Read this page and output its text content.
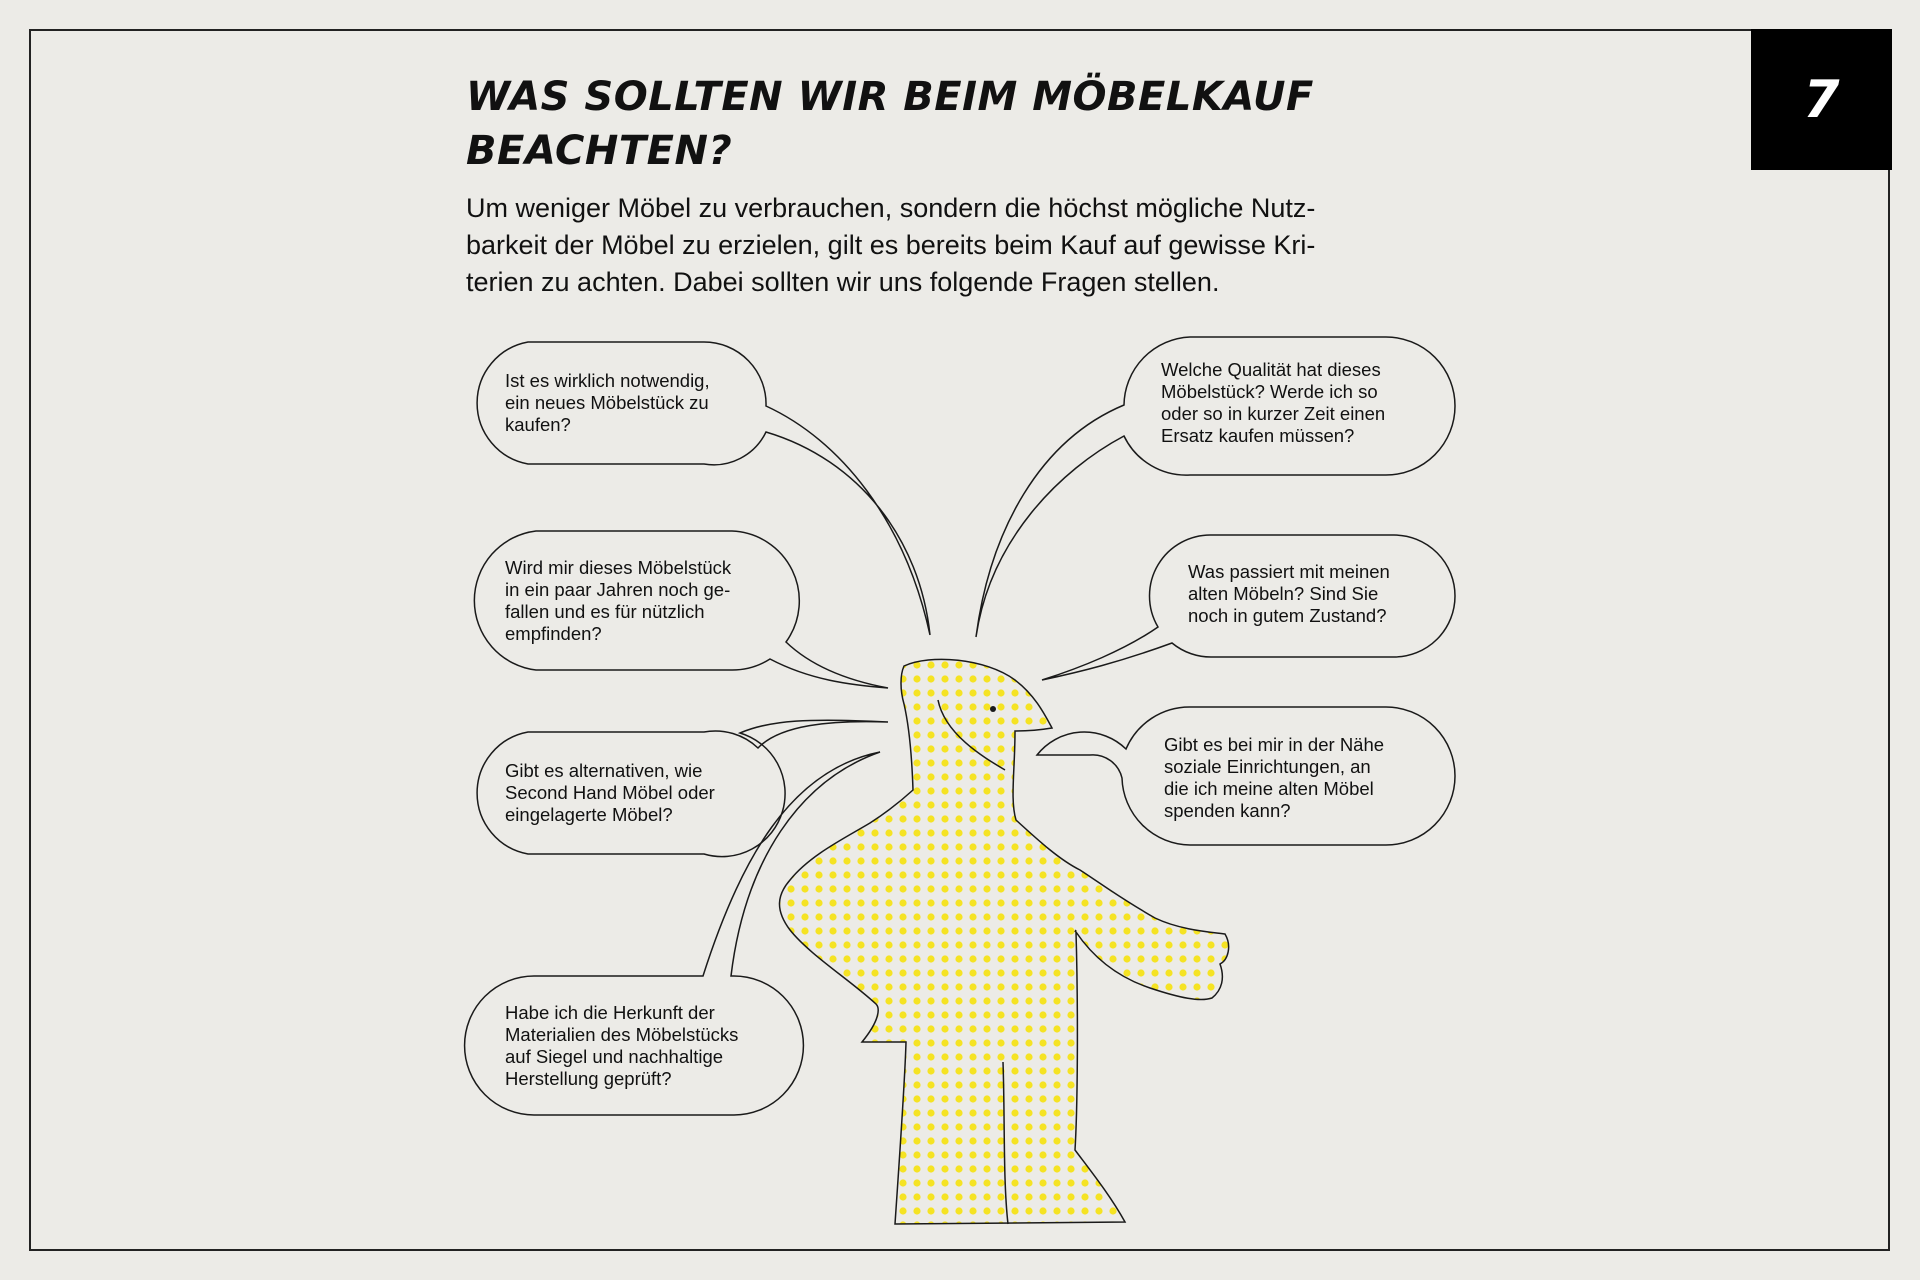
7
WAS SOLLTEN WIR BEIM MÖBELKAUF
BEACHTEN?

Um weniger Möbel zu verbrauchen, sondern die höchst mögliche Nutz-
barkeit der Möbel zu erzielen, gilt es bereits beim Kauf auf gewisse Kri-
terien zu achten. Dabei sollten wir uns folgende Fragen stellen.

Ist es wirklich notwendig,
ein neues Möbelstück zu
kaufen?

Wird mir dieses Möbelstück
in ein paar Jahren noch ge-
fallen und es für nützlich
empfinden?

Gibt es alternativen, wie
Second Hand Möbel oder
eingelagerte Möbel?

Habe ich die Herkunft der
Materialien des Möbelstücks
auf Siegel und nachhaltige
Herstellung geprüft?

Welche Qualität hat dieses
Möbelstück? Werde ich so
oder so in kurzer Zeit einen
Ersatz kaufen müssen?

Was passiert mit meinen
alten Möbeln? Sind Sie
noch in gutem Zustand?

Gibt es bei mir in der Nähe
soziale Einrichtungen, an
die ich meine alten Möbel
spenden kann?
